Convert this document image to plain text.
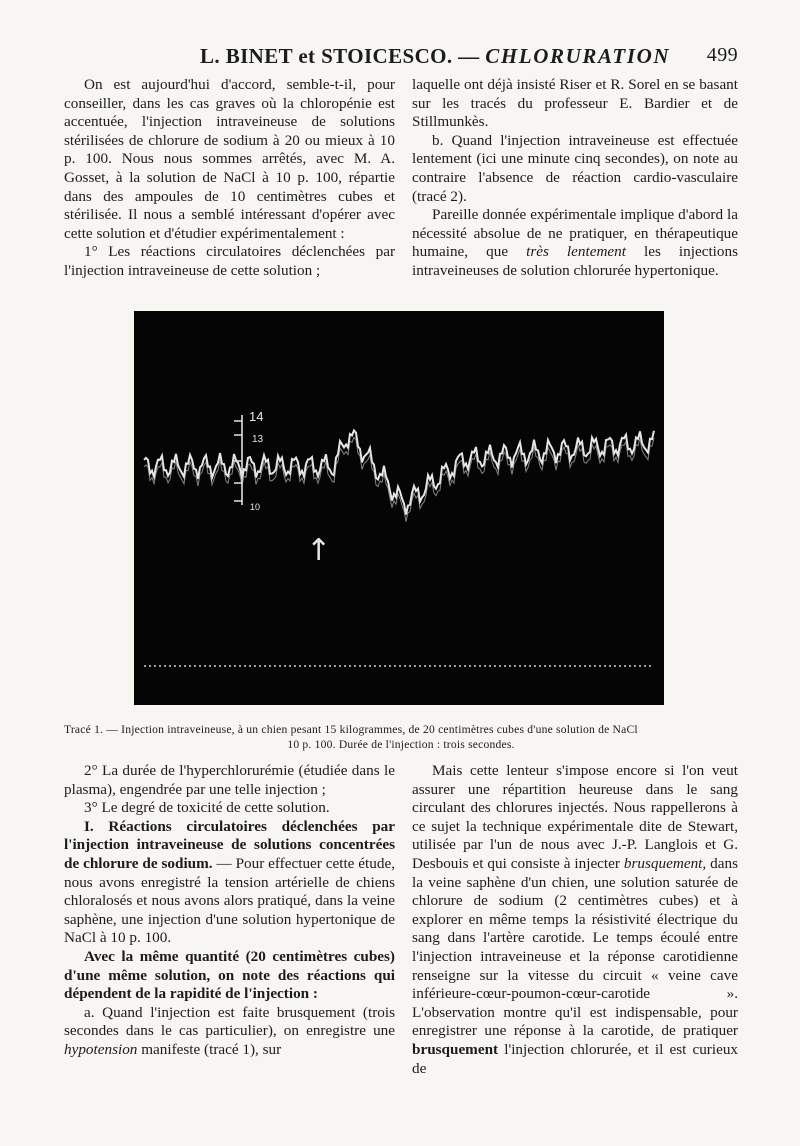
L. BINET et STOICESCO. — CHLORURATION 499

On est aujourd'hui d'accord, semble-t-il, pour conseiller, dans les cas graves où la chloropénie est accentuée, l'injection intraveineuse de solutions stérilisées de chlorure de sodium à 20 ou mieux à 10 p. 100. Nous nous sommes arrêtés, avec M. A. Gosset, à la solution de NaCl à 10 p. 100, répartie dans des ampoules de 10 centimètres cubes et stérilisée. Il nous a semblé intéressant d'opérer avec cette solution et d'étudier expérimentalement :

1° Les réactions circulatoires déclenchées par l'injection intraveineuse de cette solution ;

laquelle ont déjà insisté Riser et R. Sorel en se basant sur les tracés du professeur E. Bardier et de Stillmunkès.

b. Quand l'injection intraveineuse est effectuée lentement (ici une minute cinq secondes), on note au contraire l'absence de réaction cardio-vasculaire (tracé 2).

Pareille donnée expérimentale implique d'abord la nécessité absolue de ne pratiquer, en thérapeutique humaine, que très lentement les injections intraveineuses de solution chlorurée hypertonique.

14
13
10
↑
Tracé 1. — Injection intraveineuse, à un chien pesant 15 kilogrammes, de 20 centimètres cubes d'une solution de NaCl
10 p. 100. Durée de l'injection : trois secondes.

2° La durée de l'hyperchlorurémie (étudiée dans le plasma), engendrée par une telle injection ;

3° Le degré de toxicité de cette solution.

I. Réactions circulatoires déclenchées par l'injection intraveineuse de solutions concentrées de chlorure de sodium. — Pour effectuer cette étude, nous avons enregistré la tension artérielle de chiens chloralosés et nous avons alors pratiqué, dans la veine saphène, une injection d'une solution hypertonique de NaCl à 10 p. 100.

Avec la même quantité (20 centimètres cubes) d'une même solution, on note des réactions qui dépendent de la rapidité de l'injection :

a. Quand l'injection est faite brusquement (trois secondes dans le cas particulier), on enregistre une hypotension manifeste (tracé 1), sur

Mais cette lenteur s'impose encore si l'on veut assurer une répartition heureuse dans le sang circulant des chlorures injectés. Nous rappellerons à ce sujet la technique expérimentale dite de Stewart, utilisée par l'un de nous avec J.-P. Langlois et G. Desbouis et qui consiste à injecter brusquement, dans la veine saphène d'un chien, une solution saturée de chlorure de sodium (2 centimètres cubes) et à explorer en même temps la résistivité électrique du sang dans l'artère carotide. Le temps écoulé entre l'injection intraveineuse et la réponse carotidienne renseigne sur la vitesse du circuit « veine cave inférieure-cœur-poumon-cœur-carotide ». L'observation montre qu'il est indispensable, pour enregistrer une réponse à la carotide, de pratiquer brusquement l'injection chlorurée, et il est curieux de
